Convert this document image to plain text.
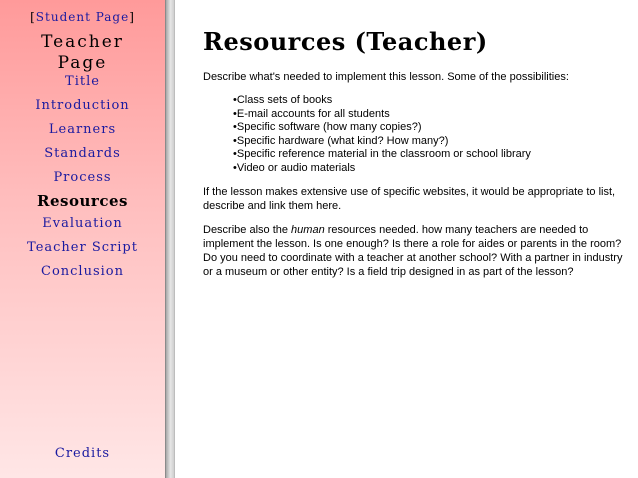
[Student Page]
Teacher
Page
Title
Introduction
Learners
Standards
Process
Resources
Evaluation
Teacher Script
Conclusion
Credits
Resources (Teacher)

Describe what's needed to implement this lesson. Some of the possibilities:

• Class sets of books
• E-mail accounts for all students
• Specific software (how many copies?)
• Specific hardware (what kind? How many?)
• Specific reference material in the classroom or school library
• Video or audio materials

If the lesson makes extensive use of specific websites, it would be appropriate to list, describe and link them here.

Describe also the human resources needed. how many teachers are needed to implement the lesson. Is one enough? Is there a role for aides or parents in the room? Do you need to coordinate with a teacher at another school? With a partner in industry or a museum or other entity? Is a field trip designed in as part of the lesson?
